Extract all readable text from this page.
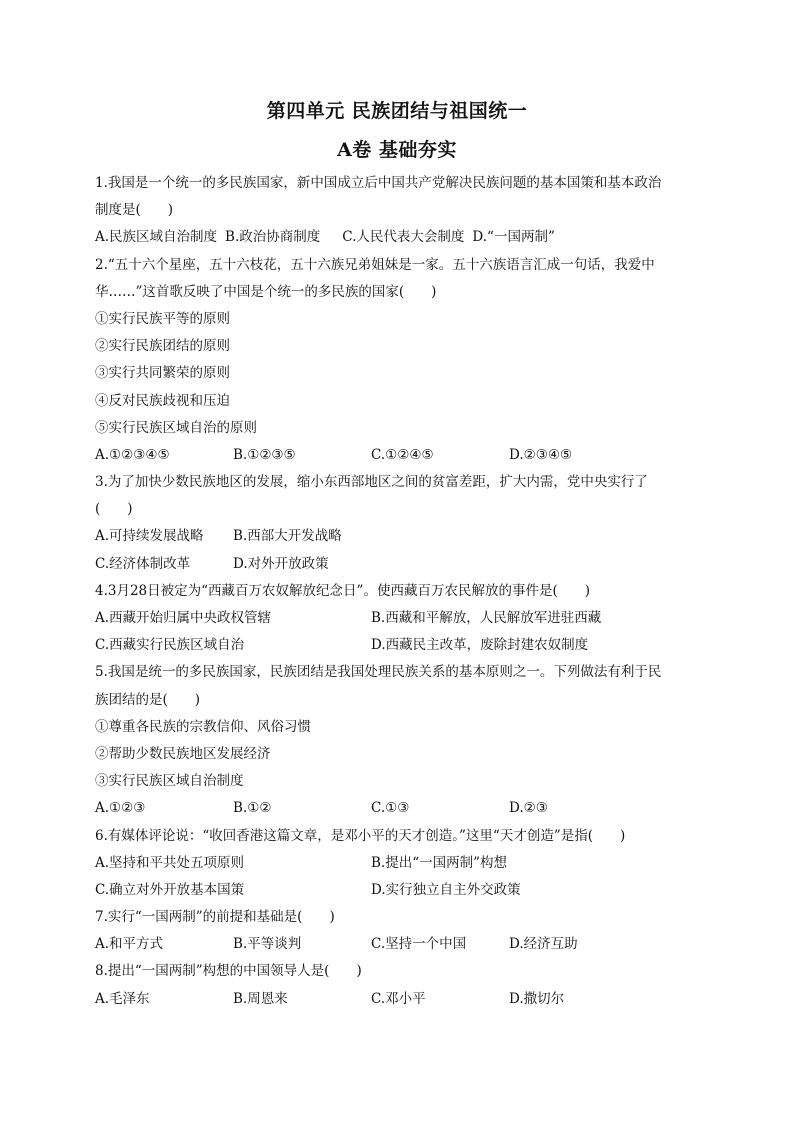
第四单元 民族团结与祖国统一
A卷 基础夯实
1.我国是一个统一的多民族国家，新中国成立后中国共产党解决民族问题的基本国策和基本政治
制度是(　　)
A.民族区域自治制度 B.政治协商制度 C.人民代表大会制度 D.“一国两制”
2.“五十六个星座，五十六枝花，五十六族兄弟姐妹是一家。五十六族语言汇成一句话，我爱中
华……”这首歌反映了中国是个统一的多民族的国家(　　)
①实行民族平等的原则
②实行民族团结的原则
③实行共同繁荣的原则
④反对民族歧视和压迫
⑤实行民族区域自治的原则
A.①②③④⑤	B.①②③⑤	C.①②④⑤	D.②③④⑤
3.为了加快少数民族地区的发展，缩小东西部地区之间的贫富差距，扩大内需，党中央实行了
(　　)
A.可持续发展战略	B.西部大开发战略
C.经济体制改革	D.对外开放政策
4.3月28日被定为“西藏百万农奴解放纪念日”。使西藏百万农民解放的事件是(　　)
A.西藏开始归属中央政权管辖	B.西藏和平解放，人民解放军进驻西藏
C.西藏实行民族区域自治	D.西藏民主改革，废除封建农奴制度
5.我国是统一的多民族国家，民族团结是我国处理民族关系的基本原则之一。下列做法有利于民
族团结的是(　　)
①尊重各民族的宗教信仰、风俗习惯
②帮助少数民族地区发展经济
③实行民族区域自治制度
A.①②③	B.①②	C.①③	D.②③
6.有媒体评论说：“收回香港这篇文章，是邓小平的天才创造。”这里“天才创造”是指(　　)
A.坚持和平共处五项原则	B.提出“一国两制”构想
C.确立对外开放基本国策	D.实行独立自主外交政策
7.实行“一国两制”的前提和基础是(　　)
A.和平方式	B.平等谈判	C.坚持一个中国	D.经济互助
8.提出“一国两制”构想的中国领导人是(　　)
A.毛泽东	B.周恩来	C.邓小平	D.撒切尔
